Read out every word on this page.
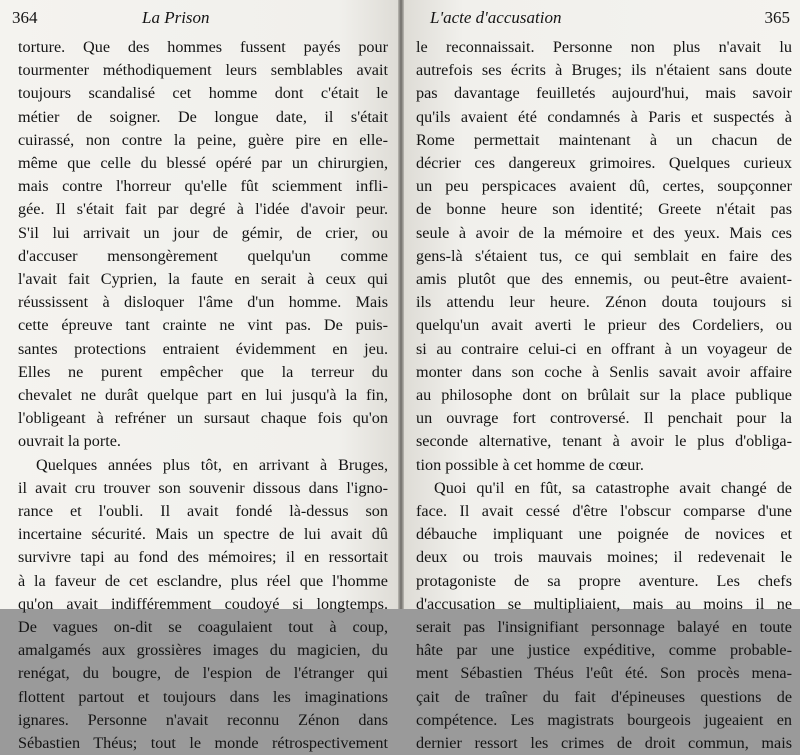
364	La Prison
torture. Que des hommes fussent payés pour
tourmenter méthodiquement leurs semblables avait
toujours scandalisé cet homme dont c'était le
métier de soigner. De longue date, il s'était
cuirassé, non contre la peine, guère pire en elle-
même que celle du blessé opéré par un chirurgien,
mais contre l'horreur qu'elle fût sciemment infli-
gée. Il s'était fait par degré à l'idée d'avoir peur.
S'il lui arrivait un jour de gémir, de crier, ou
d'accuser mensongèrement quelqu'un comme
l'avait fait Cyprien, la faute en serait à ceux qui
réussissent à disloquer l'âme d'un homme. Mais
cette épreuve tant crainte ne vint pas. De puis-
santes protections entraient évidemment en jeu.
Elles ne purent empêcher que la terreur du
chevalet ne durât quelque part en lui jusqu'à la fin,
l'obligeant à refréner un sursaut chaque fois qu'on
ouvrait la porte.
Quelques années plus tôt, en arrivant à Bruges,
il avait cru trouver son souvenir dissous dans l'igno-
rance et l'oubli. Il avait fondé là-dessus son
incertaine sécurité. Mais un spectre de lui avait dû
survivre tapi au fond des mémoires; il en ressortait
à la faveur de cet esclandre, plus réel que l'homme
qu'on avait indifféremment coudoyé si longtemps.
De vagues on-dit se coagulaient tout à coup,
amalgamés aux grossières images du magicien, du
renégat, du bougre, de l'espion de l'étranger qui
flottent partout et toujours dans les imaginations
ignares. Personne n'avait reconnu Zénon dans
Sébastien Théus; tout le monde rétrospectivement
L'acte d'accusation	365
le reconnaissait. Personne non plus n'avait lu
autrefois ses écrits à Bruges; ils n'étaient sans doute
pas davantage feuilletés aujourd'hui, mais savoir
qu'ils avaient été condamnés à Paris et suspectés à
Rome permettait maintenant à un chacun de
décrier ces dangereux grimoires. Quelques curieux
un peu perspicaces avaient dû, certes, soupçonner
de bonne heure son identité; Greete n'était pas
seule à avoir de la mémoire et des yeux. Mais ces
gens-là s'étaient tus, ce qui semblait en faire des
amis plutôt que des ennemis, ou peut-être avaient-
ils attendu leur heure. Zénon douta toujours si
quelqu'un avait averti le prieur des Cordeliers, ou
si au contraire celui-ci en offrant à un voyageur de
monter dans son coche à Senlis savait avoir affaire
au philosophe dont on brûlait sur la place publique
un ouvrage fort controversé. Il penchait pour la
seconde alternative, tenant à avoir le plus d'obliga-
tion possible à cet homme de cœur.
Quoi qu'il en fût, sa catastrophe avait changé de
face. Il avait cessé d'être l'obscur comparse d'une
débauche impliquant une poignée de novices et
deux ou trois mauvais moines; il redevenait le
protagoniste de sa propre aventure. Les chefs
d'accusation se multipliaient, mais au moins il ne
serait pas l'insignifiant personnage balayé en toute
hâte par une justice expéditive, comme probable-
ment Sébastien Théus l'eût été. Son procès mena-
çait de traîner du fait d'épineuses questions de
compétence. Les magistrats bourgeois jugeaient en
dernier ressort les crimes de droit commun, mais
